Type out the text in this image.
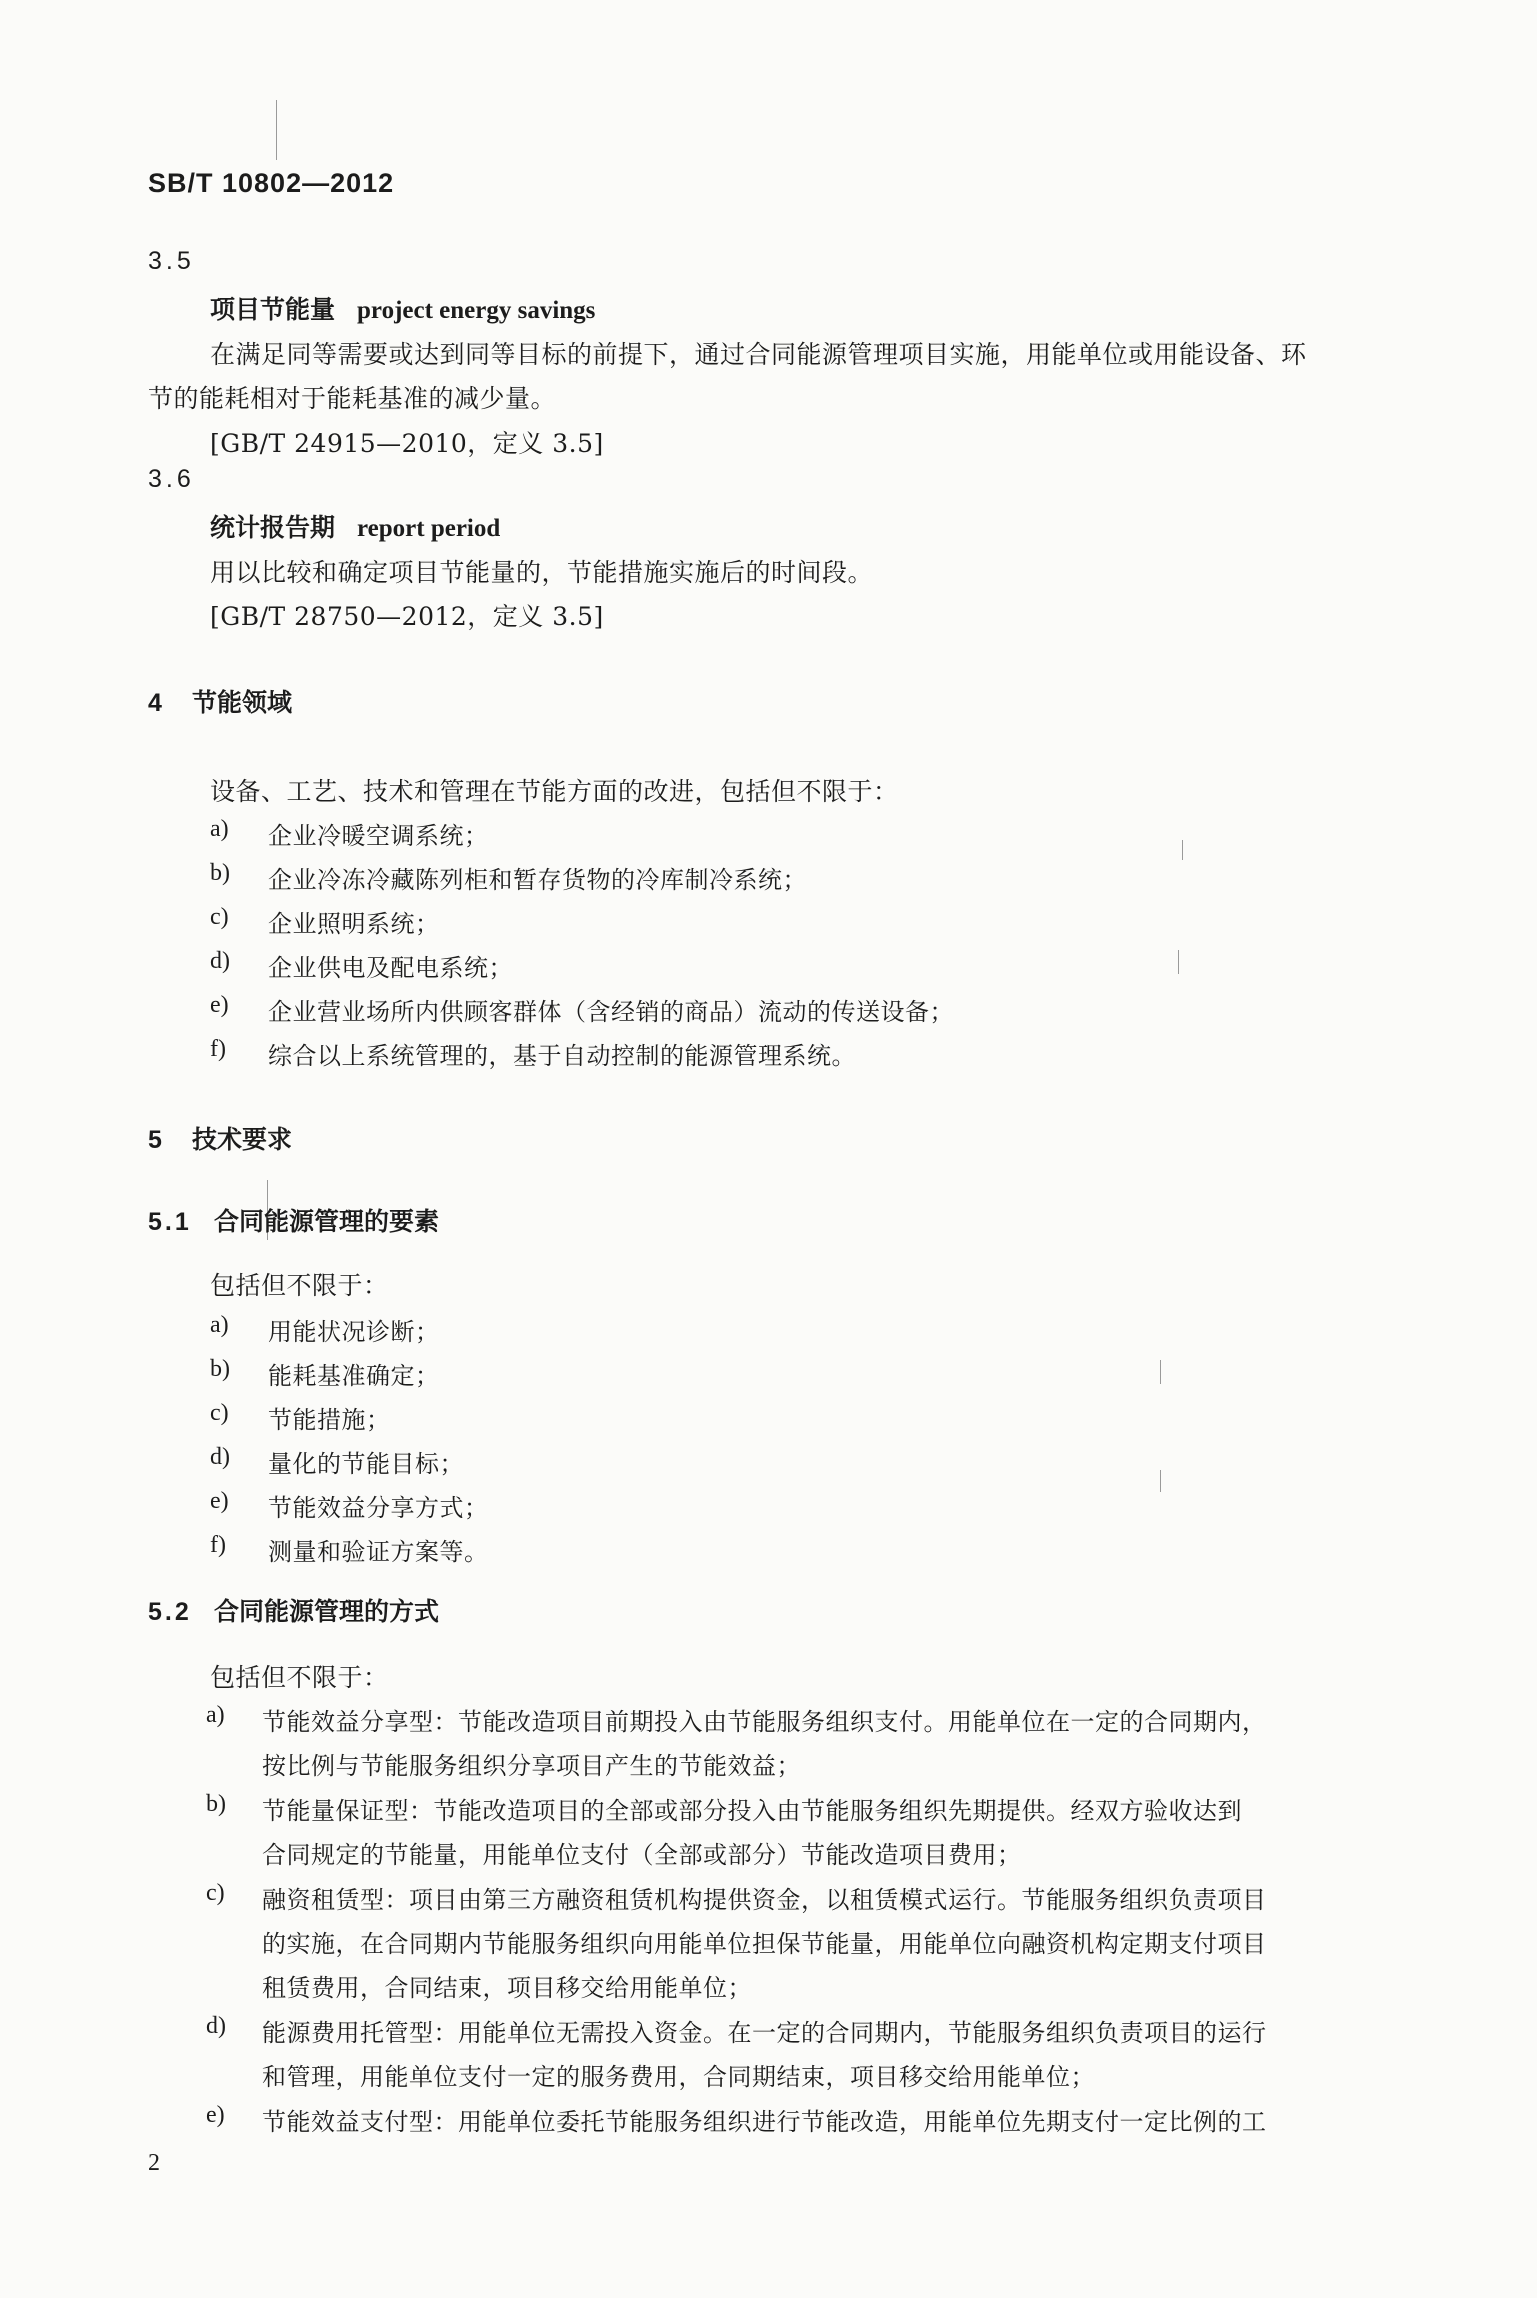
SB/T 10802—2012
3.5
项目节能量 project energy savings
在满足同等需要或达到同等目标的前提下，通过合同能源管理项目实施，用能单位或用能设备、环
节的能耗相对于能耗基准的减少量。
[GB/T 24915—2010，定义 3.5]
3.6
统计报告期 report period
用以比较和确定项目节能量的，节能措施实施后的时间段。
[GB/T 28750—2012，定义 3.5]
4 节能领域
设备、工艺、技术和管理在节能方面的改进，包括但不限于：
a) 企业冷暖空调系统；
b) 企业冷冻冷藏陈列柜和暂存货物的冷库制冷系统；
c) 企业照明系统；
d) 企业供电及配电系统；
e) 企业营业场所内供顾客群体（含经销的商品）流动的传送设备；
f) 综合以上系统管理的，基于自动控制的能源管理系统。
5 技术要求
5.1 合同能源管理的要素
包括但不限于：
a) 用能状况诊断；
b) 能耗基准确定；
c) 节能措施；
d) 量化的节能目标；
e) 节能效益分享方式；
f) 测量和验证方案等。
5.2 合同能源管理的方式
包括但不限于：
a) 节能效益分享型：节能改造项目前期投入由节能服务组织支付。用能单位在一定的合同期内，
按比例与节能服务组织分享项目产生的节能效益；
b) 节能量保证型：节能改造项目的全部或部分投入由节能服务组织先期提供。经双方验收达到
合同规定的节能量，用能单位支付（全部或部分）节能改造项目费用；
c) 融资租赁型：项目由第三方融资租赁机构提供资金，以租赁模式运行。节能服务组织负责项目
的实施，在合同期内节能服务组织向用能单位担保节能量，用能单位向融资机构定期支付项目
租赁费用，合同结束，项目移交给用能单位；
d) 能源费用托管型：用能单位无需投入资金。在一定的合同期内，节能服务组织负责项目的运行
和管理，用能单位支付一定的服务费用，合同期结束，项目移交给用能单位；
e) 节能效益支付型：用能单位委托节能服务组织进行节能改造，用能单位先期支付一定比例的工
2
